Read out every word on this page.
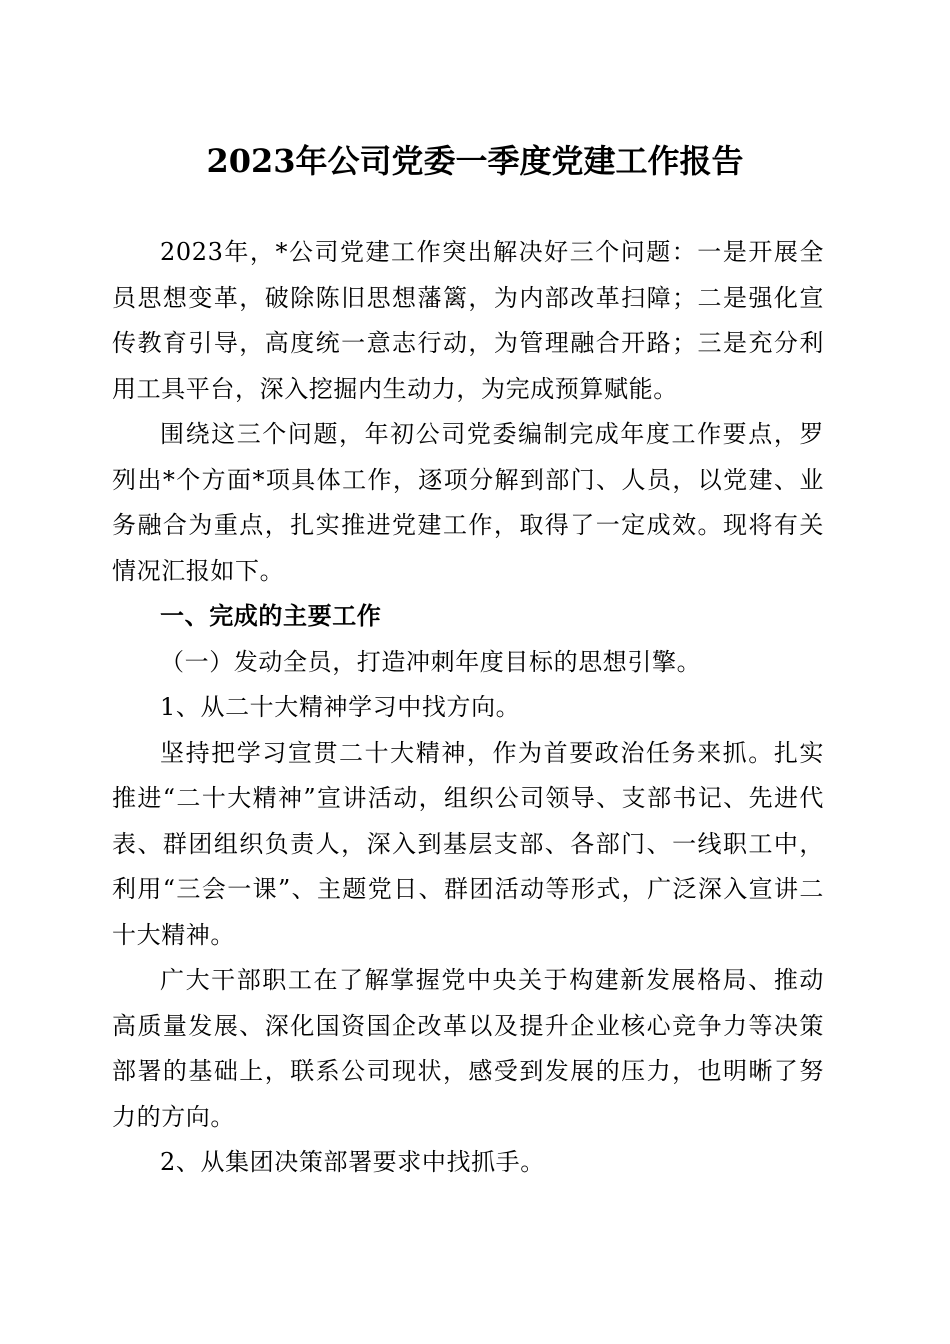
2023年公司党委一季度党建工作报告

2023年，*公司党建工作突出解决好三个问题：一是开展全员思想变革，破除陈旧思想藩篱，为内部改革扫障；二是强化宣传教育引导，高度统一意志行动，为管理融合开路；三是充分利用工具平台，深入挖掘内生动力，为完成预算赋能。

围绕这三个问题，年初公司党委编制完成年度工作要点，罗列出*个方面*项具体工作，逐项分解到部门、人员，以党建、业务融合为重点，扎实推进党建工作，取得了一定成效。现将有关情况汇报如下。

一、完成的主要工作

（一）发动全员，打造冲刺年度目标的思想引擎。

1、从二十大精神学习中找方向。

坚持把学习宣贯二十大精神，作为首要政治任务来抓。扎实推进“二十大精神”宣讲活动，组织公司领导、支部书记、先进代表、群团组织负责人，深入到基层支部、各部门、一线职工中，利用“三会一课”、主题党日、群团活动等形式，广泛深入宣讲二十大精神。

广大干部职工在了解掌握党中央关于构建新发展格局、推动高质量发展、深化国资国企改革以及提升企业核心竞争力等决策部署的基础上，联系公司现状，感受到发展的压力，也明晰了努力的方向。

2、从集团决策部署要求中找抓手。
